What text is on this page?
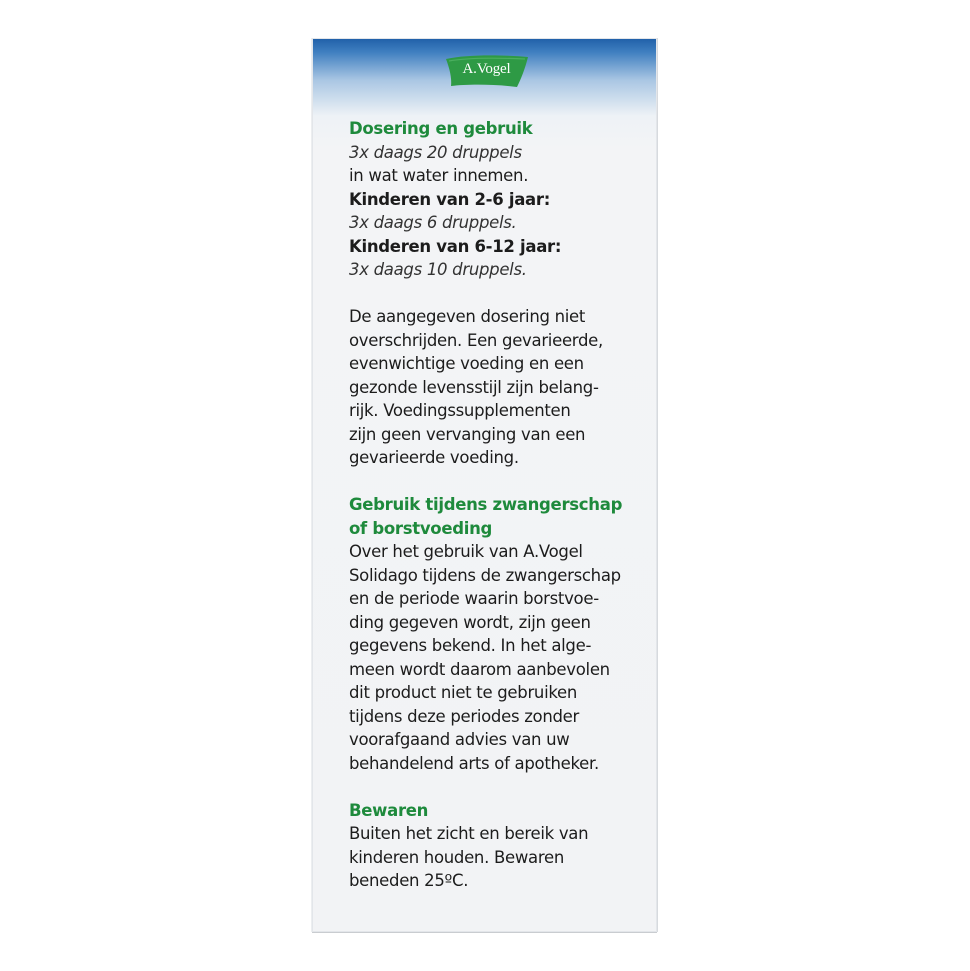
A.Vogel
Dosering en gebruik
3x daags 20 druppels
in wat water innemen.
Kinderen van 2-6 jaar:
3x daags 6 druppels.
Kinderen van 6-12 jaar:
3x daags 10 druppels.
De aangegeven dosering niet
overschrijden. Een gevarieerde,
evenwichtige voeding en een
gezonde levensstijl zijn belang-
rijk. Voedingssupplementen
zijn geen vervanging van een
gevarieerde voeding.
Gebruik tijdens zwangerschap
of borstvoeding
Over het gebruik van A.Vogel
Solidago tijdens de zwangerschap
en de periode waarin borstvoe-
ding gegeven wordt, zijn geen
gegevens bekend. In het alge-
meen wordt daarom aanbevolen
dit product niet te gebruiken
tijdens deze periodes zonder
voorafgaand advies van uw
behandelend arts of apotheker.
Bewaren
Buiten het zicht en bereik van
kinderen houden. Bewaren
beneden 25ºC.
